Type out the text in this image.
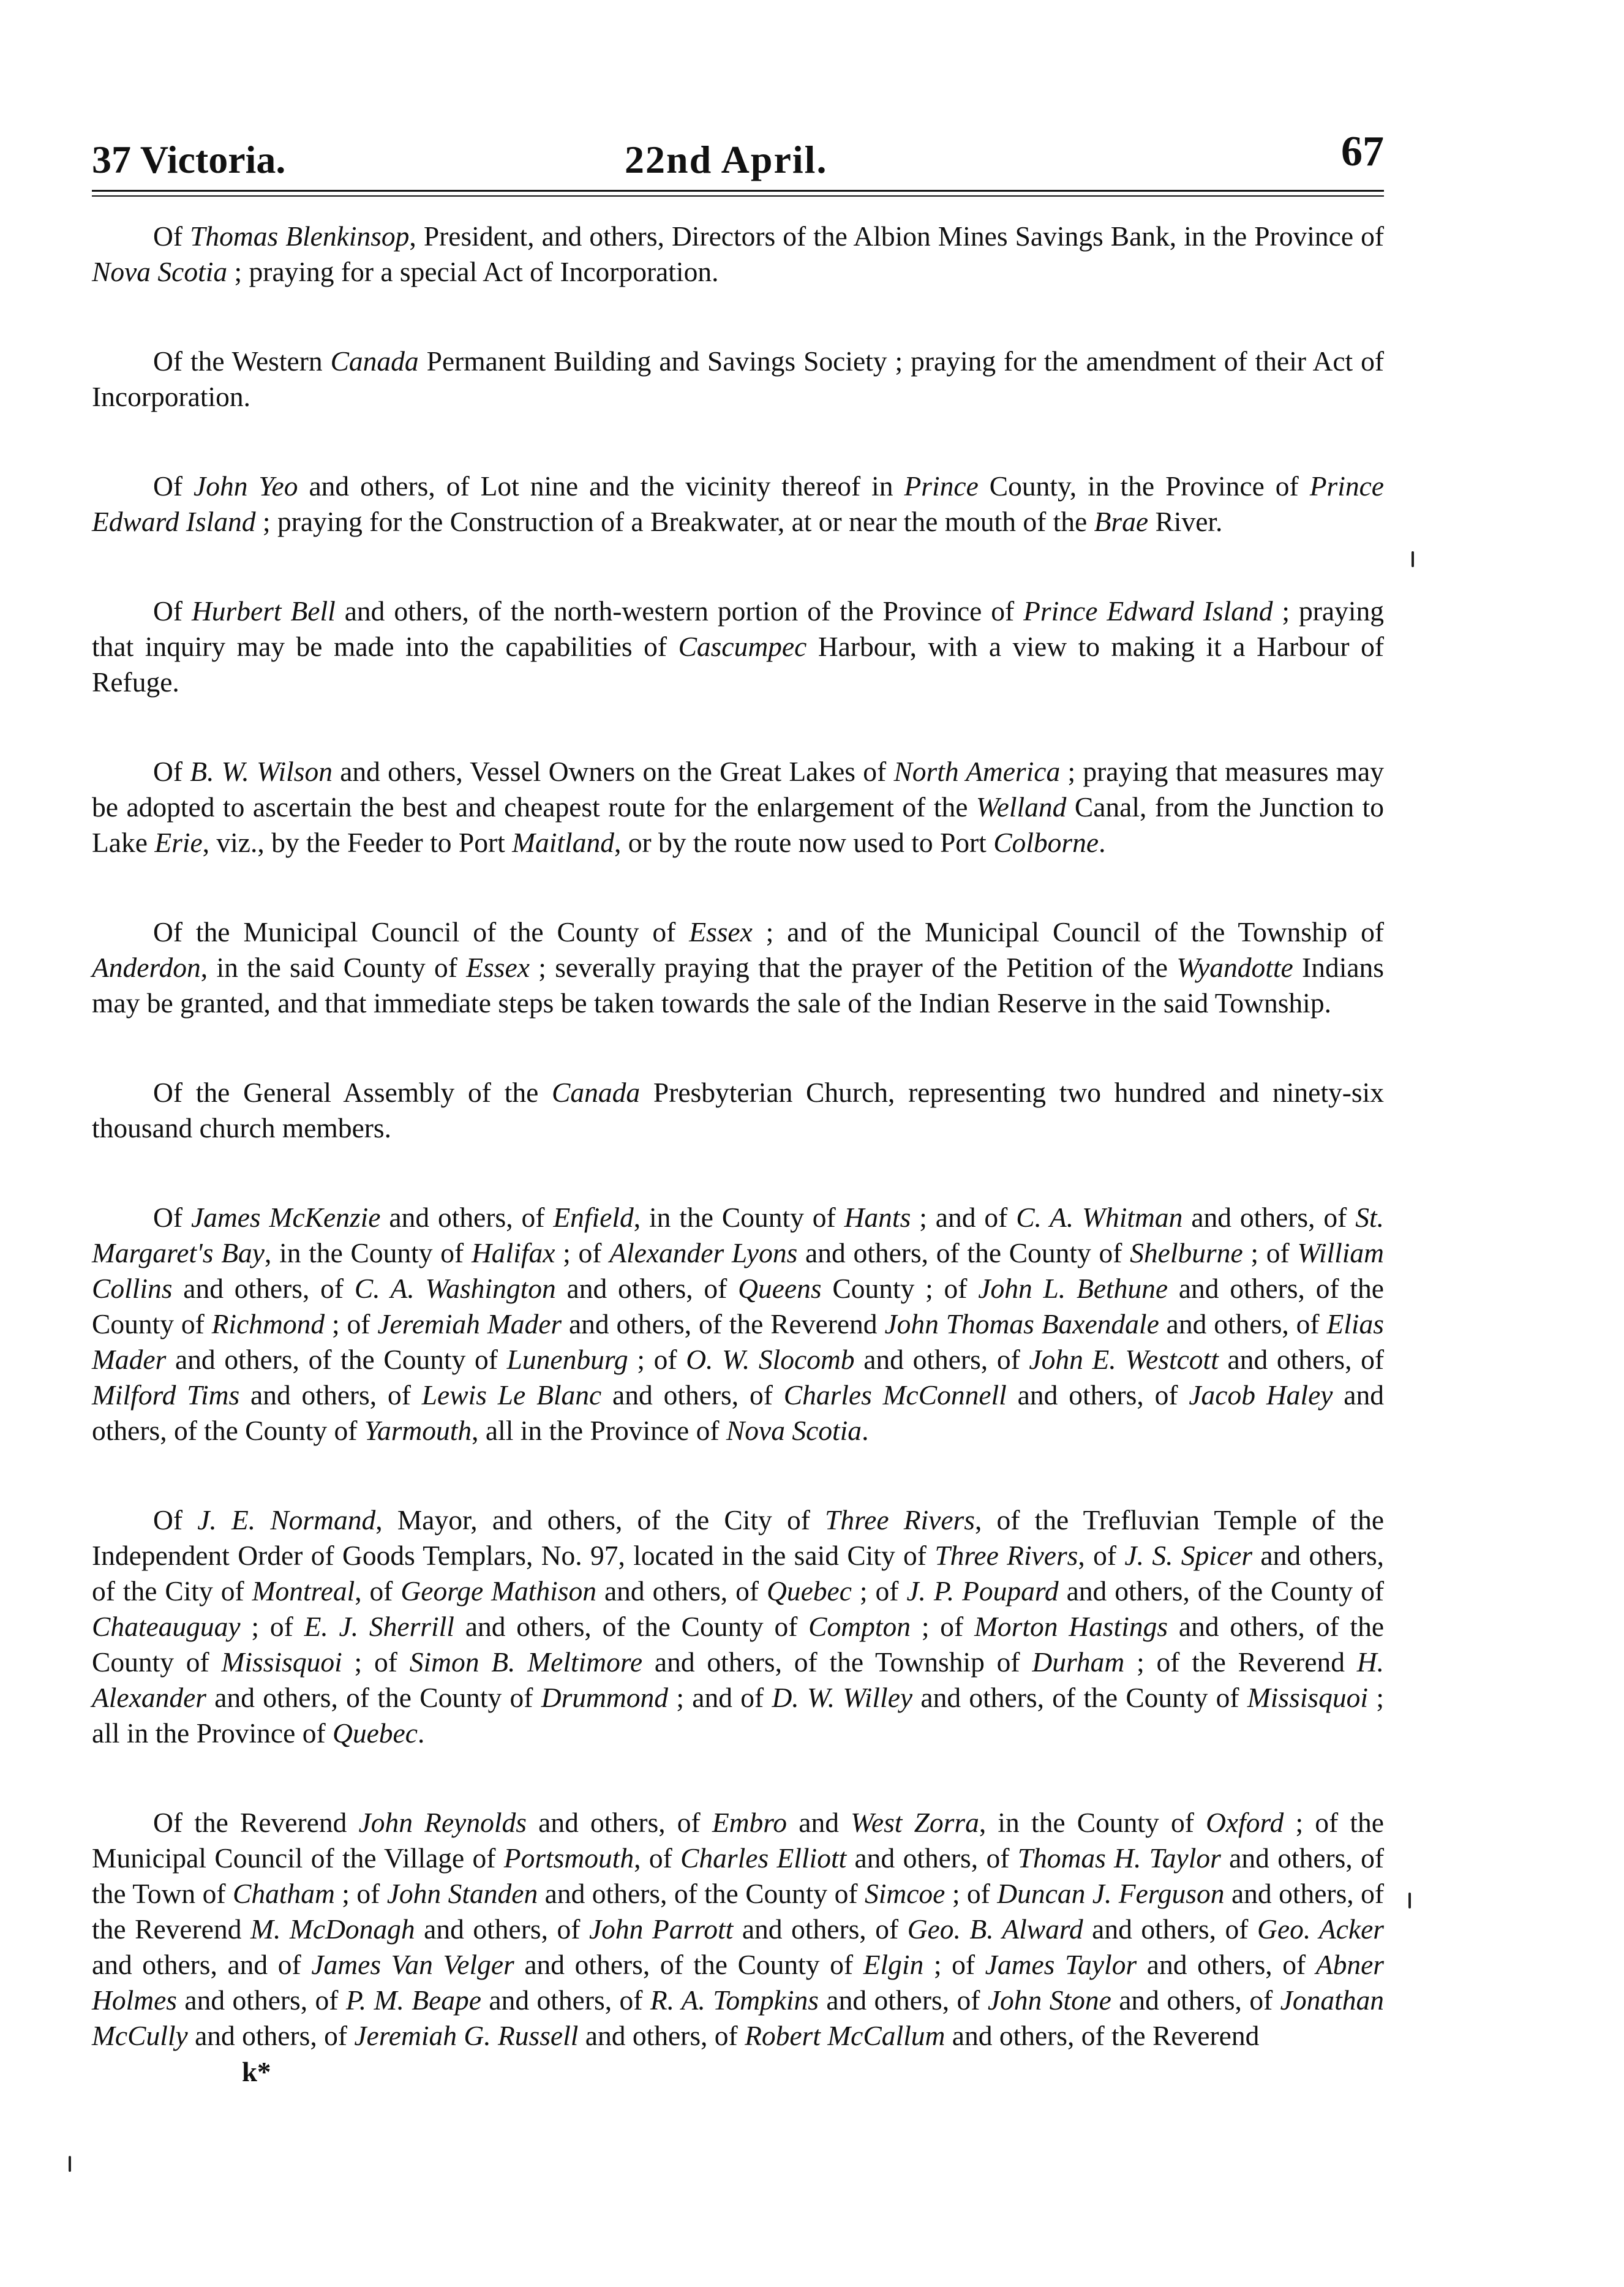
37 Victoria.	22nd April.	67

Of Thomas Blenkinsop, President, and others, Directors of the Albion Mines Savings Bank, in the Province of Nova Scotia ; praying for a special Act of Incorporation.

Of the Western Canada Permanent Building and Savings Society ; praying for the amendment of their Act of Incorporation.

Of John Yeo and others, of Lot nine and the vicinity thereof in Prince County, in the Province of Prince Edward Island ; praying for the Construction of a Breakwater, at or near the mouth of the Brae River.

Of Hurbert Bell and others, of the north-western portion of the Province of Prince Edward Island ; praying that inquiry may be made into the capabilities of Cascumpec Harbour, with a view to making it a Harbour of Refuge.

Of B. W. Wilson and others, Vessel Owners on the Great Lakes of North America ; praying that measures may be adopted to ascertain the best and cheapest route for the enlargement of the Welland Canal, from the Junction to Lake Erie, viz., by the Feeder to Port Maitland, or by the route now used to Port Colborne.

Of the Municipal Council of the County of Essex ; and of the Municipal Council of the Township of Anderdon, in the said County of Essex ; severally praying that the prayer of the Petition of the Wyandotte Indians may be granted, and that immediate steps be taken towards the sale of the Indian Reserve in the said Township.

Of the General Assembly of the Canada Presbyterian Church, representing two hundred and ninety-six thousand church members.

Of James McKenzie and others, of Enfield, in the County of Hants ; and of C. A. Whitman and others, of St. Margaret's Bay, in the County of Halifax ; of Alexander Lyons and others, of the County of Shelburne ; of William Collins and others, of C. A. Washington and others, of Queens County ; of John L. Bethune and others, of the County of Richmond ; of Jeremiah Mader and others, of the Reverend John Thomas Baxendale and others, of Elias Mader and others, of the County of Lunenburg ; of O. W. Slocomb and others, of John E. Westcott and others, of Milford Tims and others, of Lewis Le Blanc and others, of Charles McConnell and others, of Jacob Haley and others, of the County of Yarmouth, all in the Province of Nova Scotia.

Of J. E. Normand, Mayor, and others, of the City of Three Rivers, of the Trefluvian Temple of the Independent Order of Goods Templars, No. 97, located in the said City of Three Rivers, of J. S. Spicer and others, of the City of Montreal, of George Mathison and others, of Quebec ; of J. P. Poupard and others, of the County of Chateauguay ; of E. J. Sherrill and others, of the County of Compton ; of Morton Hastings and others, of the County of Missisquoi ; of Simon B. Meltimore and others, of the Township of Durham ; of the Reverend H. Alexander and others, of the County of Drummond ; and of D. W. Willey and others, of the County of Missisquoi ; all in the Province of Quebec.

Of the Reverend John Reynolds and others, of Embro and West Zorra, in the County of Oxford ; of the Municipal Council of the Village of Portsmouth, of Charles Elliott and others, of Thomas H. Taylor and others, of the Town of Chatham ; of John Standen and others, of the County of Simcoe ; of Duncan J. Ferguson and others, of the Reverend M. McDonagh and others, of John Parrott and others, of Geo. B. Alward and others, of Geo. Acker and others, and of James Van Velger and others, of the County of Elgin ; of James Taylor and others, of Abner Holmes and others, of P. M. Beape and others, of R. A. Tompkins and others, of John Stone and others, of Jonathan McCully and others, of Jeremiah G. Russell and others, of Robert McCallum and others, of the Reverend

k*
